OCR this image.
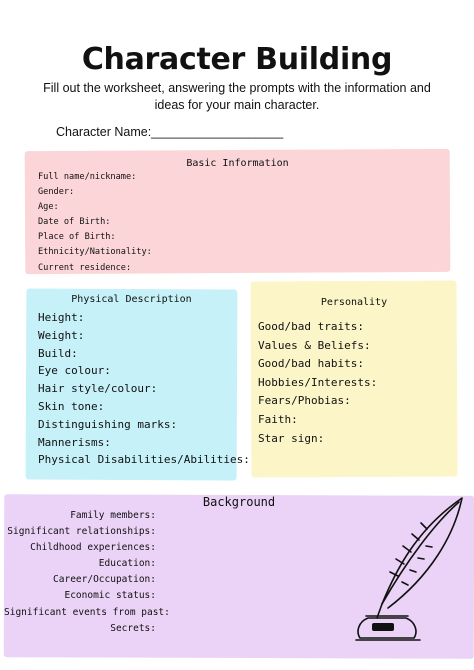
Character Building

Fill out the worksheet, answering the prompts with the information and ideas for your main character.

Character Name:___________________
Basic Information
Full name/nickname:
Gender:
Age:
Date of Birth:
Place of Birth:
Ethnicity/Nationality:
Current residence:
Physical Description
Height:
Weight:
Build:
Eye colour:
Hair style/colour:
Skin tone:
Distinguishing marks:
Mannerisms:
Physical Disabilities/Abilities:
Personality
Good/bad traits:
Values & Beliefs:
Good/bad habits:
Hobbies/Interests:
Fears/Phobias:
Faith:
Star sign:
Background
Family members:
Significant relationships:
Childhood experiences:
Education:
Career/Occupation:
Economic status:
Significant events from past:
Secrets:
